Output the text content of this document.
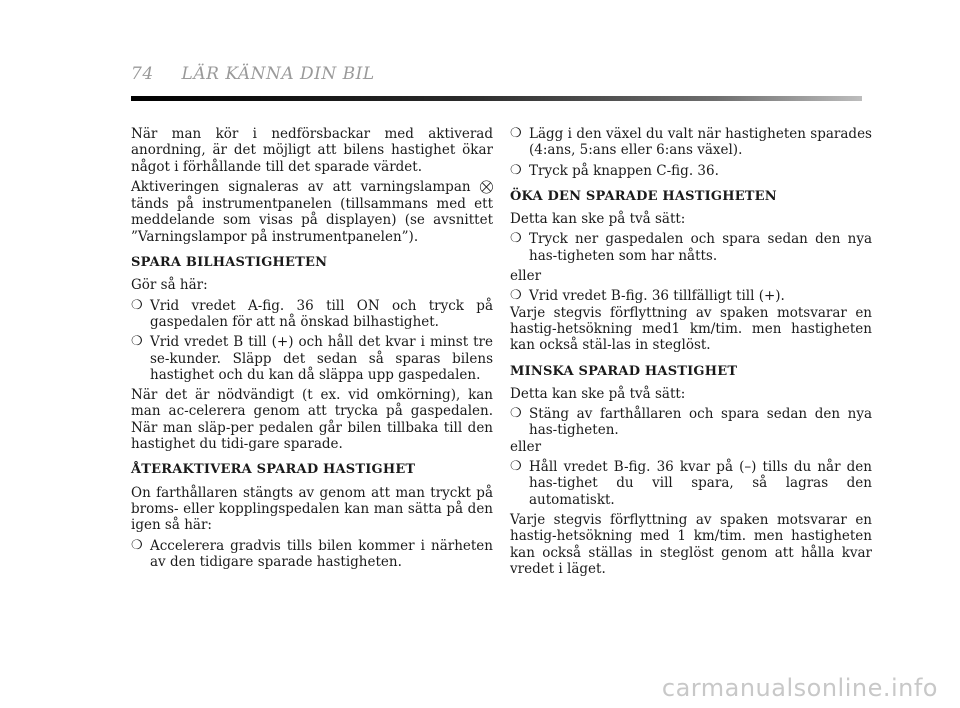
74 LÄR KÄNNA DIN BIL

När man kör i nedförsbackar med aktiverad anordning, är det möjligt att bilens hastighet ökar något i förhållande till det sparade värdet.

Aktiveringen signaleras av att varningslampan ⛒ tänds på instrumentpanelen (tillsammans med ett meddelande som visas på displayen) (se avsnittet ”Varningslampor på instrumentpanelen”).

SPARA BILHASTIGHETEN

Gör så här:

❍ Vrid vredet A-fig. 36 till ON och tryck på gaspedalen för att nå önskad bilhastighet.

❍ Vrid vredet B till (+) och håll det kvar i minst tre se-kunder. Släpp det sedan så sparas bilens hastighet och du kan då släppa upp gaspedalen.

När det är nödvändigt (t ex. vid omkörning), kan man ac-celerera genom att trycka på gaspedalen. När man släp-per pedalen går bilen tillbaka till den hastighet du tidi-gare sparade.

ÅTERAKTIVERA SPARAD HASTIGHET

On farthållaren stängts av genom att man tryckt på broms- eller kopplingspedalen kan man sätta på den igen så här:

❍ Accelerera gradvis tills bilen kommer i närheten av den tidigare sparade hastigheten.

❍ Lägg i den växel du valt när hastigheten sparades (4:ans, 5:ans eller 6:ans växel).

❍ Tryck på knappen C-fig. 36.

ÖKA DEN SPARADE HASTIGHETEN

Detta kan ske på två sätt:

❍ Tryck ner gaspedalen och spara sedan den nya has-tigheten som har nåtts.

eller

❍ Vrid vredet B-fig. 36 tillfälligt till (+).

Varje stegvis förflyttning av spaken motsvarar en hastig-hetsökning med1 km/tim. men hastigheten kan också stäl-las in steglöst.

MINSKA SPARAD HASTIGHET

Detta kan ske på två sätt:

❍ Stäng av farthållaren och spara sedan den nya has-tigheten.

eller

❍ Håll vredet B-fig. 36 kvar på (–) tills du når den has-tighet du vill spara, så lagras den automatiskt.

Varje stegvis förflyttning av spaken motsvarar en hastig-hetsökning med 1 km/tim. men hastigheten kan också ställas in steglöst genom att hålla kvar vredet i läget.

carmanualsonline.info
